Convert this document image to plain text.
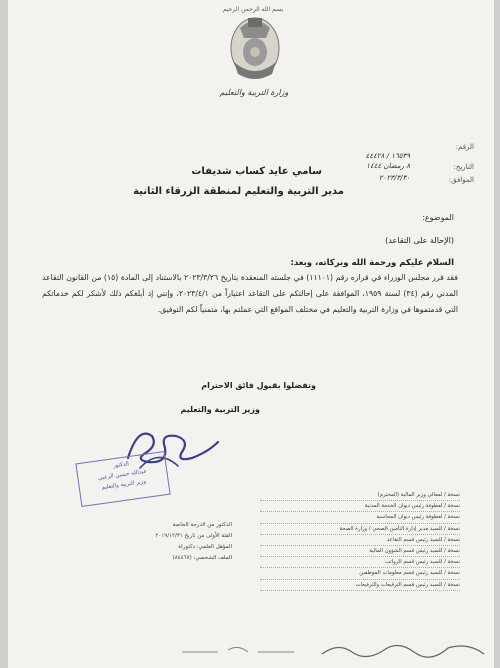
بسم الله الرحمن الرحيم
وزارة التربية والتعليم
الرقم:
١٦٥٣٩ / ٤٤٤٢٨
التاريخ:
٨ رمضان ١٤٤٤
الموافق:
٢٠٢٣/٣/٣٠
سامي عايد كساب شديفات
مدير التربية والتعليم لمنطقة الزرقاء الثانية
الموضوع:
(الإحالة على التقاعد)
السلام عليكم ورحمة الله وبركاته، وبعد:
فقد قرر مجلس الوزراء في قراره رقم (١١١٠١) في جلسته المنعقدة بتاريخ ٢٠٢٣/٣/٢٦ بالاستناد إلى المادة (١٥) من القانون التقاعد المدني رقم (٣٤) لسنة ١٩٥٩، الموافقة على إحالتكم على التقاعد اعتباراً من ٢٠٢٣/٤/١، وإنني إذ أبلغكم ذلك لأشكر لكم خدماتكم التي قدمتموها في وزارة التربية والتعليم في مختلف المواقع التي عملتم بها، متمنياً لكم التوفيق.
وتفضلوا بقبول فائق الاحترام
وزير التربية والتعليم
الدكتور
عبدالله حسين الزعبي
وزير التربية والتعليم
الدكتور من الدرجة الخاصة
الفئة الأولى من تاريخ ٢٠١٩/١٢/٣١
المؤهل العلمي: دكتوراة
الملف الشخصي: (٨٤٤٦٧)
نسخة / لمعالي وزير المالية (المحترم)
نسخة / لعطوفة رئيس ديوان الخدمة المدنية
نسخة / لعطوفة رئيس ديوان المحاسبة
نسخة / للسيد مدير إدارة التأمين الصحي / وزارة الصحة
نسخة / للسيد رئيس قسم التقاعد
نسخة / للسيد رئيس قسم الشؤون المالية
نسخة / للسيد رئيس قسم الرواتب
نسخة / للسيد رئيس قسم معلومات الموظفين
نسخة / للسيد رئيس قسم الترقيعات والترفيعات
